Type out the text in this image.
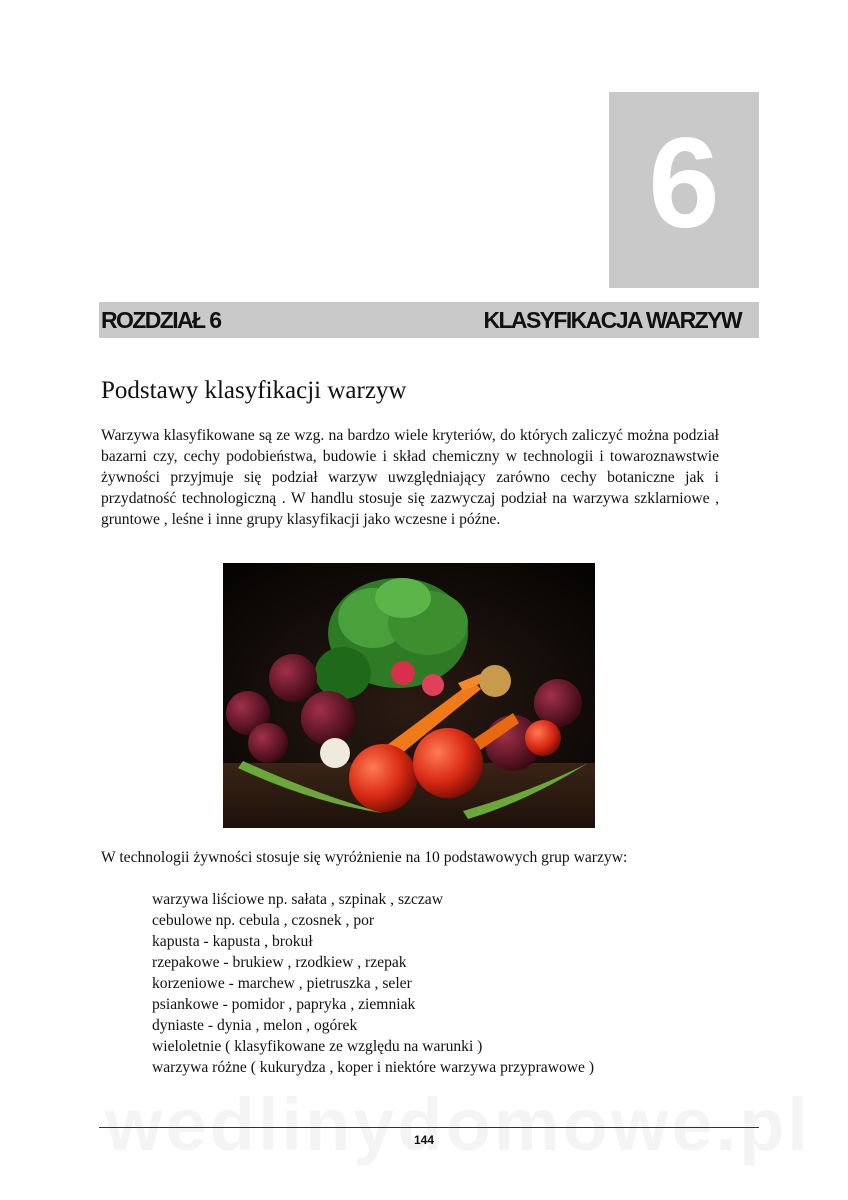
6
ROZDZIAŁ 6	KLASYFIKACJA WARZYW
Podstawy klasyfikacji warzyw

Warzywa klasyfikowane są ze wzg. na bardzo wiele kryteriów, do których zaliczyć można podział bazarni czy, cechy podobieństwa, budowie i skład chemiczny w technologii i towaroznawstwie żywności przyjmuje się podział warzyw uwzględniający zarówno cechy botaniczne jak i przydatność technologiczną . W handlu stosuje się zazwyczaj podział na warzywa szklarniowe , gruntowe , leśne i inne grupy klasyfikacji jako wczesne i późne.

W technologii żywności stosuje się wyróżnienie na 10 podstawowych grup warzyw:

warzywa liściowe np. sałata , szpinak , szczaw
cebulowe np. cebula , czosnek , por
kapusta - kapusta , brokuł
rzepakowe - brukiew , rzodkiew , rzepak
korzeniowe - marchew , pietruszka , seler
psiankowe - pomidor , papryka , ziemniak
dyniaste - dynia , melon , ogórek
wieloletnie ( klasyfikowane ze względu na warunki )
warzywa różne ( kukurydza , koper i niektóre warzywa przyprawowe )
144
